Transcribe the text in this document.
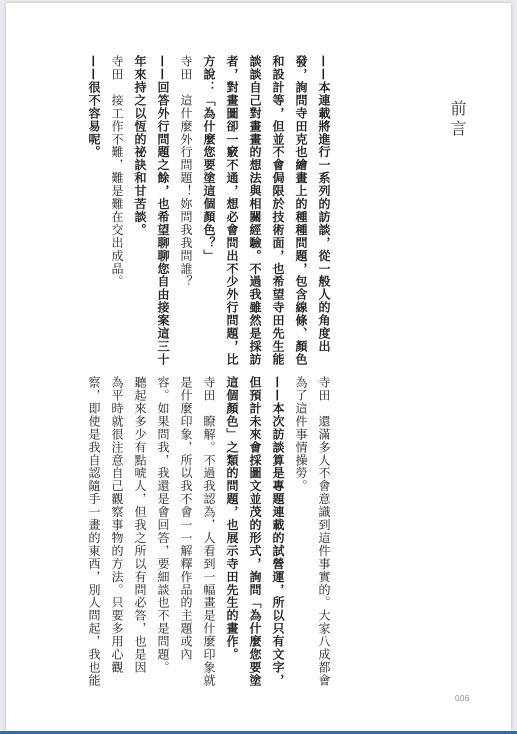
前言

——本連載將進行一系列的訪談，從一般人的角度出

發，詢問寺田克也繪畫上的種種問題，包含線條、顏色

和設計等，但並不會侷限於技術面，也希望寺田先生能

談談自己對畫畫的想法與相關經驗。不過我雖然是採訪

者，對畫圖卻一竅不通，想必會問出不少外行問題，比

方說：「為什麼您要塗這個顏色？」

寺田　這什麼外行問題！妳問我我問誰？

——回答外行問題之餘，也希望聊聊您自由接案這三十

年來持之以恆的祕訣和甘苦談。

寺田　接工作不難，難是難在交出成品。

——很不容易呢。

寺田　還滿多人不會意識到這件事實的。大家八成都會

為了這件事情操勞。

——本次訪談算是專題連載的試營運，所以只有文字，

但預計未來會採圖文並茂的形式，詢問「為什麼您要塗

這個顏色」之類的問題，也展示寺田先生的畫作。

寺田　瞭解。不過我認為，人看到一幅畫是什麼印象就

是什麼印象，所以我不會一一解釋作品的主題或內

容。如果問我，我還是會回答，要細談也不是問題。

聽起來多少有點唬人，但我之所以有問必答，也是因

為平時就很注意自己觀察事物的方法。只要多用心觀

察，即使是我自認隨手一畫的東西，別人問起，我也能

006
